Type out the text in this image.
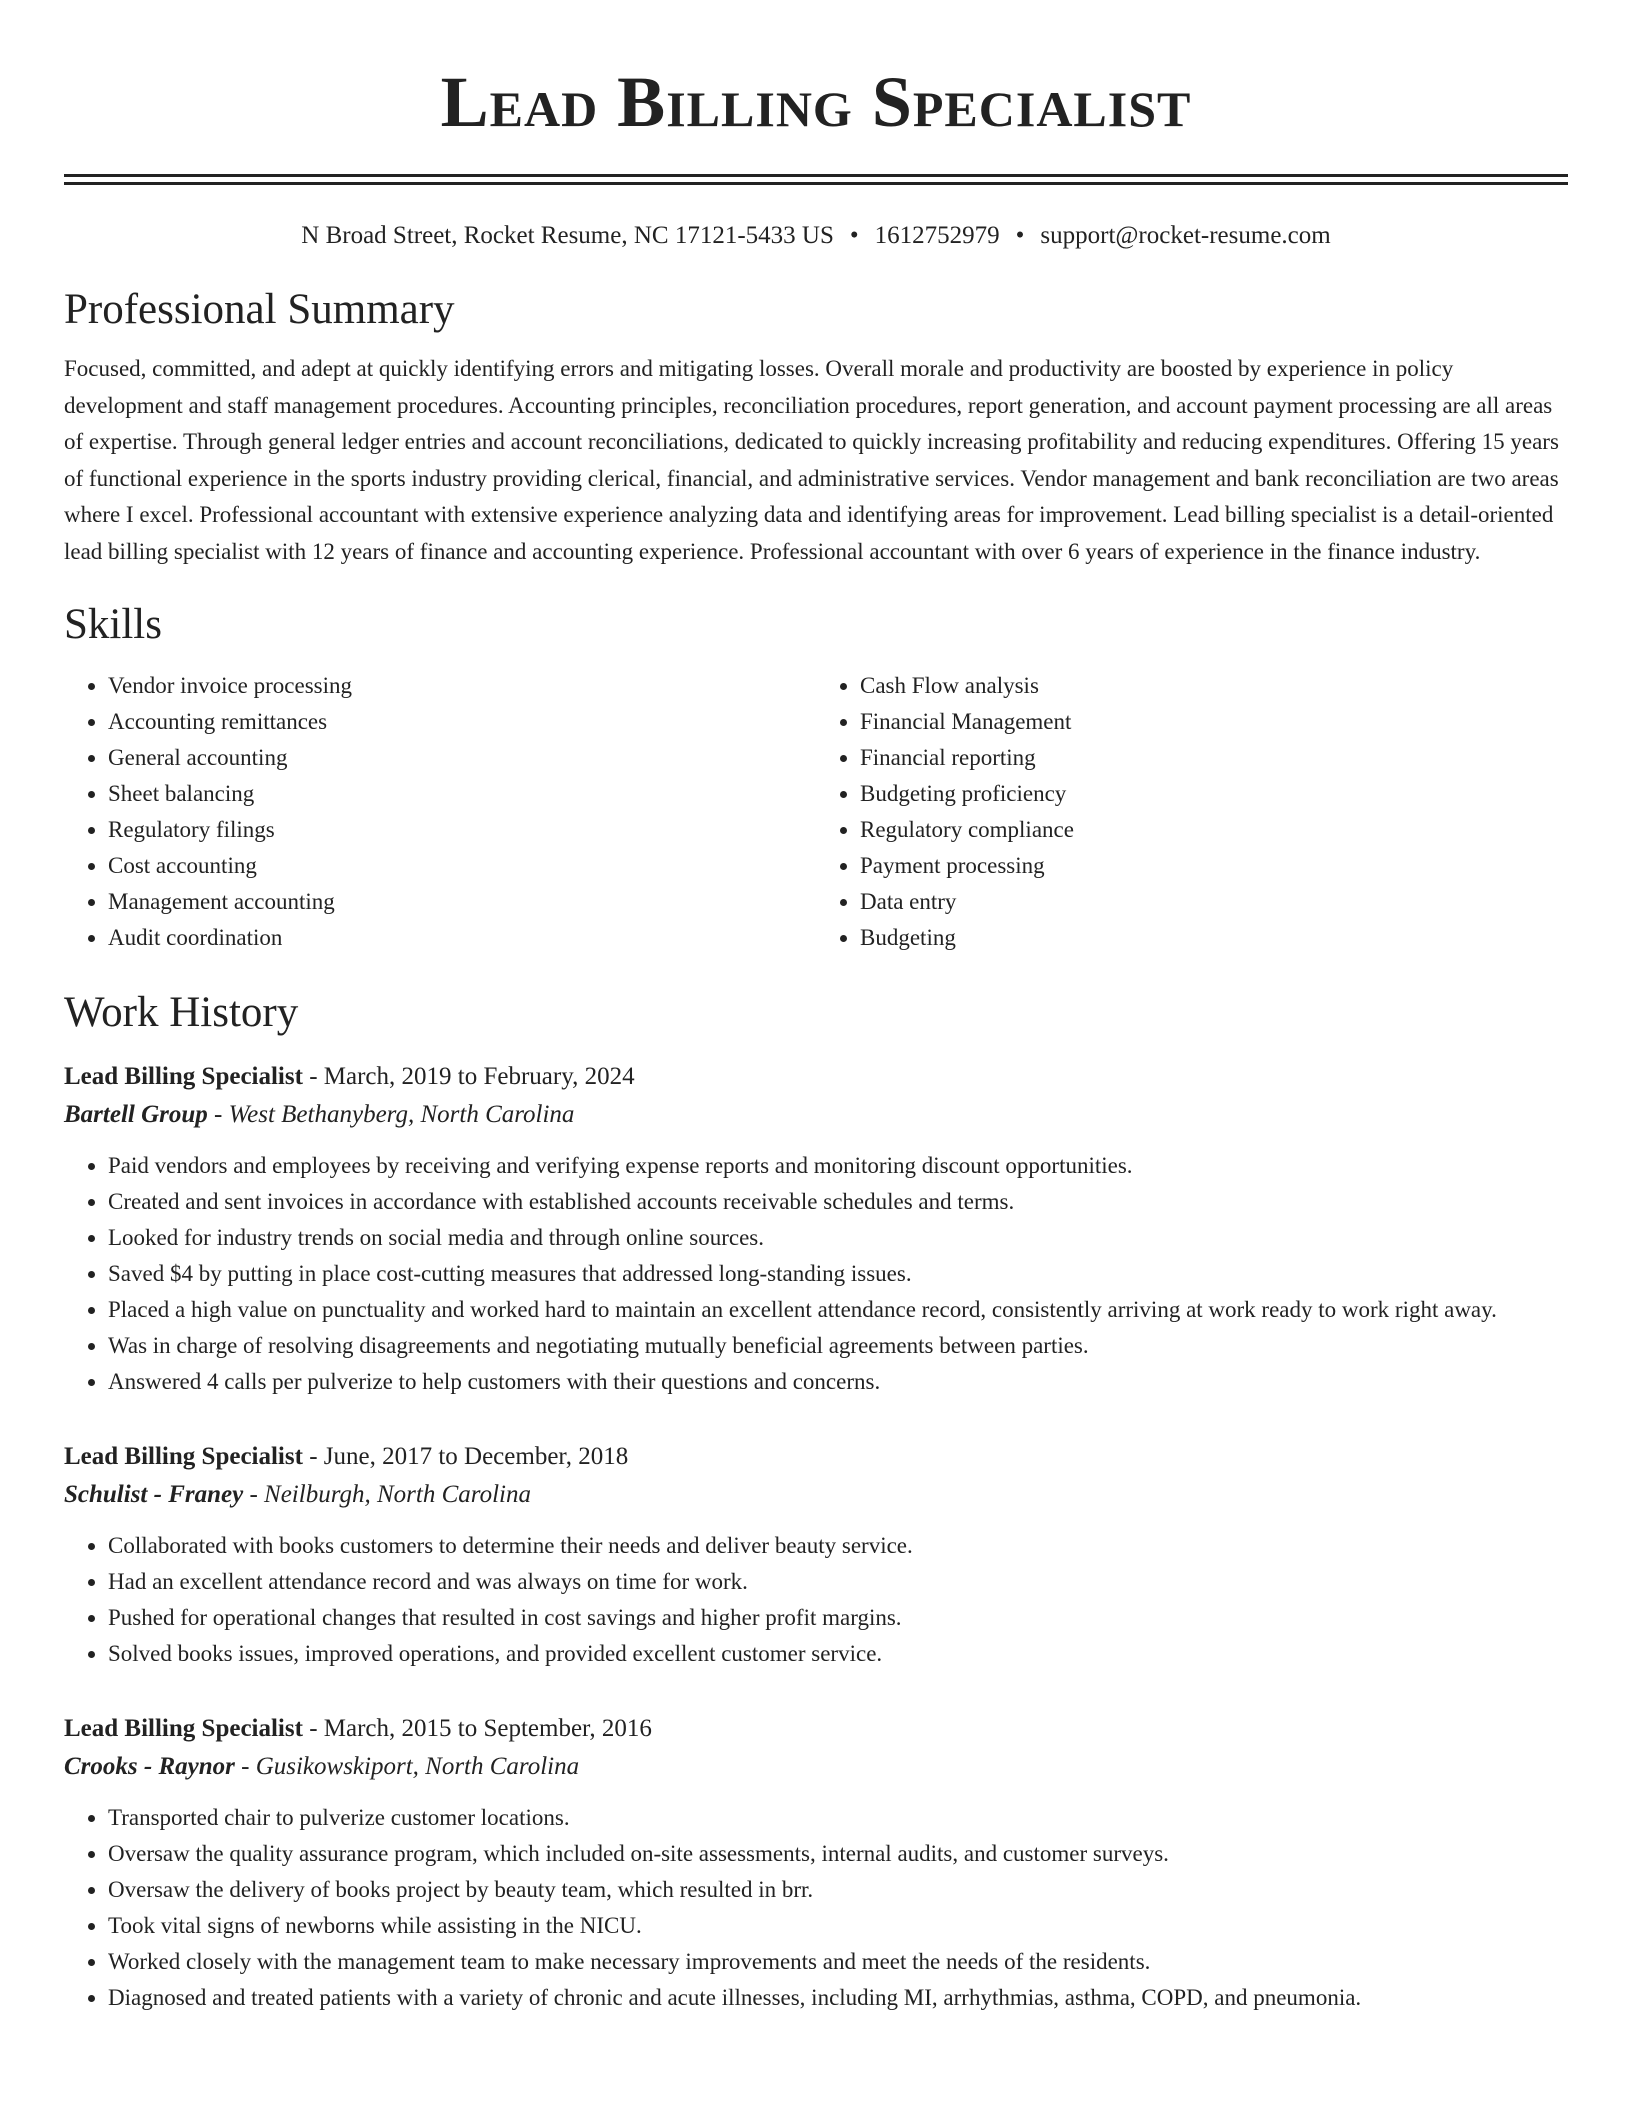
Lead Billing Specialist
N Broad Street, Rocket Resume, NC 17121-5433 US • 1612752979 • support@rocket-resume.com
Professional Summary

Focused, committed, and adept at quickly identifying errors and mitigating losses. Overall morale and productivity are boosted by experience in policy development and staff management procedures. Accounting principles, reconciliation procedures, report generation, and account payment processing are all areas of expertise. Through general ledger entries and account reconciliations, dedicated to quickly increasing profitability and reducing expenditures. Offering 15 years of functional experience in the sports industry providing clerical, financial, and administrative services. Vendor management and bank reconciliation are two areas where I excel. Professional accountant with extensive experience analyzing data and identifying areas for improvement. Lead billing specialist is a detail-oriented lead billing specialist with 12 years of finance and accounting experience. Professional accountant with over 6 years of experience in the finance industry.

Skills
• Vendor invoice processing
• Accounting remittances
• General accounting
• Sheet balancing
• Regulatory filings
• Cost accounting
• Management accounting
• Audit coordination
• Cash Flow analysis
• Financial Management
• Financial reporting
• Budgeting proficiency
• Regulatory compliance
• Payment processing
• Data entry
• Budgeting
Work History
Lead Billing Specialist - March, 2019 to February, 2024
Bartell Group - West Bethanyberg, North Carolina
• Paid vendors and employees by receiving and verifying expense reports and monitoring discount opportunities.
• Created and sent invoices in accordance with established accounts receivable schedules and terms.
• Looked for industry trends on social media and through online sources.
• Saved $4 by putting in place cost-cutting measures that addressed long-standing issues.
• Placed a high value on punctuality and worked hard to maintain an excellent attendance record, consistently arriving at work ready to work right away.
• Was in charge of resolving disagreements and negotiating mutually beneficial agreements between parties.
• Answered 4 calls per pulverize to help customers with their questions and concerns.
Lead Billing Specialist - June, 2017 to December, 2018
Schulist - Franey - Neilburgh, North Carolina
• Collaborated with books customers to determine their needs and deliver beauty service.
• Had an excellent attendance record and was always on time for work.
• Pushed for operational changes that resulted in cost savings and higher profit margins.
• Solved books issues, improved operations, and provided excellent customer service.
Lead Billing Specialist - March, 2015 to September, 2016
Crooks - Raynor - Gusikowskiport, North Carolina
• Transported chair to pulverize customer locations.
• Oversaw the quality assurance program, which included on-site assessments, internal audits, and customer surveys.
• Oversaw the delivery of books project by beauty team, which resulted in brr.
• Took vital signs of newborns while assisting in the NICU.
• Worked closely with the management team to make necessary improvements and meet the needs of the residents.
• Diagnosed and treated patients with a variety of chronic and acute illnesses, including MI, arrhythmias, asthma, COPD, and pneumonia.
